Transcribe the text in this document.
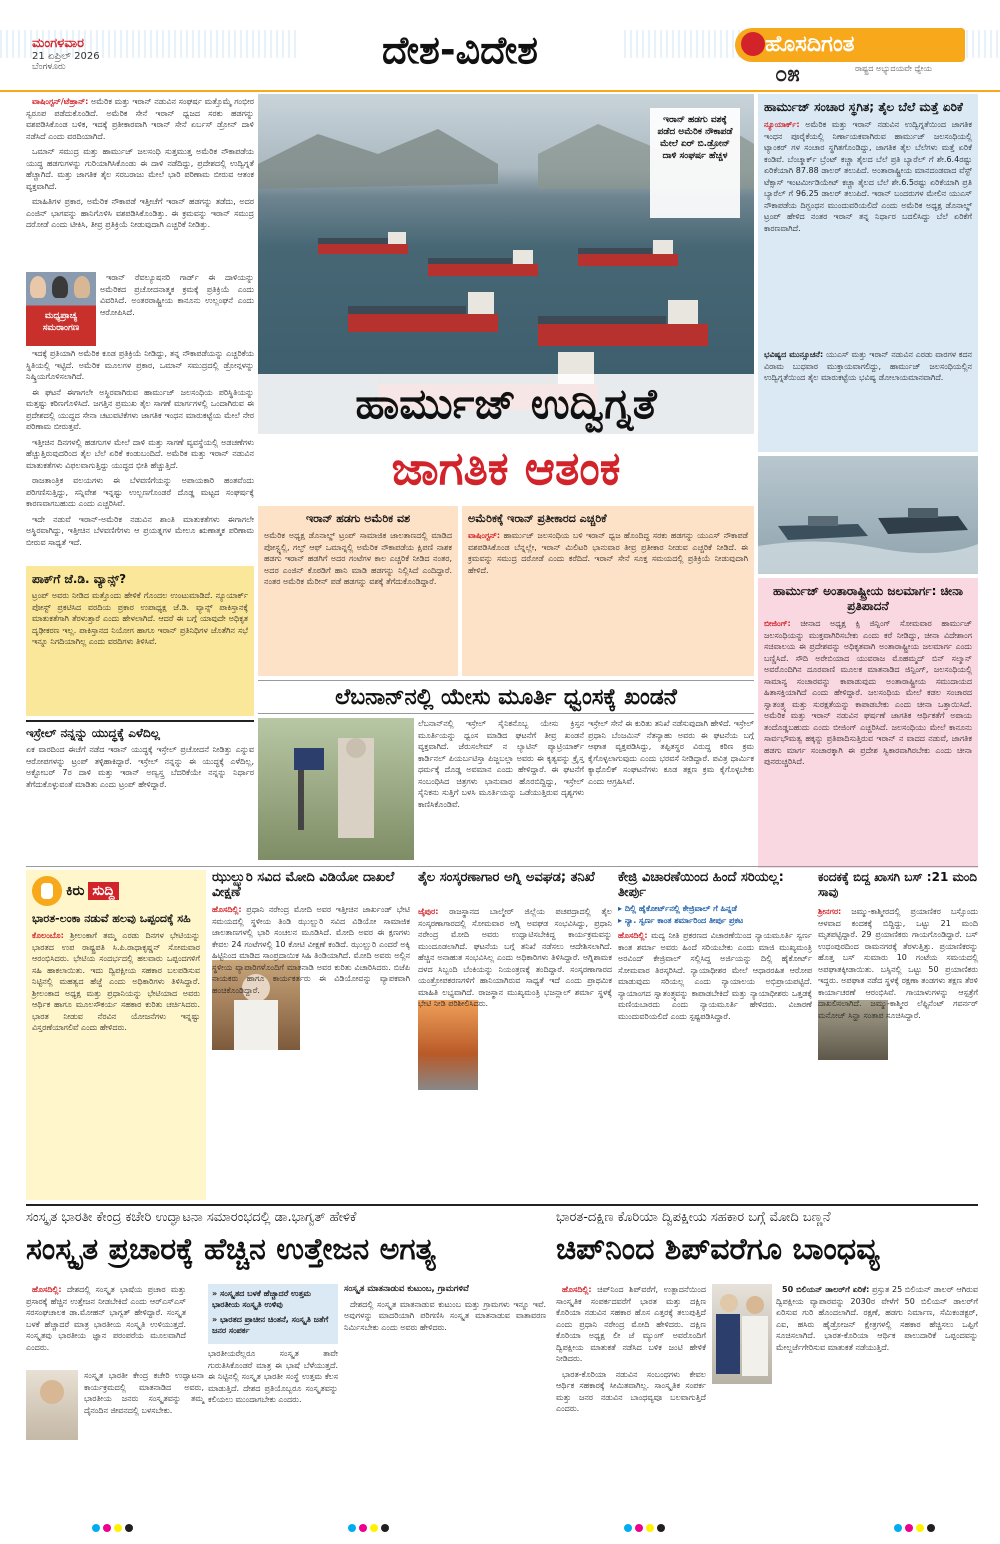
ಮಂಗಳವಾರ
21 ಏಪ್ರಿಲ್ 2026
ಬೆಂಗಳೂರು	ದೇಶ-ವಿದೇಶ	ಹೊಸದಿಗಂತ
೦೫	ರಾಷ್ಟ್ರದ ಅಭ್ಯುದಯವೇ ಧ್ಯೇಯ

ವಾಷಿಂಗ್ಟನ್/ಟೆಹ್ರಾನ್: ಅಮೆರಿಕ ಮತ್ತು ಇರಾನ್ ನಡುವಿನ ಸಂಘರ್ಷ ಮತ್ತೊಮ್ಮೆ ಗಂಭೀರ ಸ್ವರೂಪ ಪಡೆದುಕೊಂಡಿದೆ. ಅಮೆರಿಕ ಸೇನೆ ಇರಾನ್ ಧ್ವಜದ ಸರಕು ಹಡಗನ್ನು ವಶಪಡಿಸಿಕೊಂಡ ಬಳಿಕ, ಇದಕ್ಕೆ ಪ್ರತೀಕಾರವಾಗಿ ಇರಾನ್ ಸೇನೆ ಏರ್ಬಸ್ ಡ್ರೋನ್ ದಾಳಿ ನಡೆಸಿದೆ ಎಂದು ವರದಿಯಾಗಿದೆ.

ಒಮಾನ್ ಸಮುದ್ರ ಮತ್ತು ಹಾರ್ಮುಜ್ ಜಲಸಂಧಿ ಸುತ್ತಮುತ್ತ ಅಮೆರಿಕ ನೌಕಾಪಡೆಯ ಯುದ್ಧ ಹಡಗುಗಳನ್ನು ಗುರಿಯಾಗಿಸಿಕೊಂಡು ಈ ದಾಳಿ ನಡೆದಿದ್ದು, ಪ್ರದೇಶದಲ್ಲಿ ಉದ್ವಿಗ್ನತೆ ಹೆಚ್ಚಾಗಿದೆ. ಮತ್ತು ಜಾಗತಿಕ ತೈಲ ಸರಬರಾಜು ಮೇಲೆ ಭಾರಿ ಪರಿಣಾಮ ಬೀರುವ ಆತಂಕ ವ್ಯಕ್ತವಾಗಿದೆ.

ಮಾಹಿತಿಗಳ ಪ್ರಕಾರ, ಅಮೆರಿಕ ನೌಕಾಪಡೆ ಇತ್ತೀಚೆಗೆ ಇರಾನ್ ಹಡಗನ್ನು ತಡೆದು, ಅದರ ಎಂಜಿನ್ ಭಾಗವನ್ನು ಹಾನಿಗೊಳಿಸಿ ವಶಪಡಿಸಿಕೊಂಡಿತ್ತು. ಈ ಕ್ರಮವನ್ನು ಇರಾನ್ ಸಮುದ್ರ ದರೋಡೆ ಎಂದು ಟೀಕಿಸಿ, ತೀವ್ರ ಪ್ರತಿಕ್ರಿಯೆ ನೀಡುವುದಾಗಿ ಎಚ್ಚರಿಕೆ ನೀಡಿತ್ತು.

ಮಧ್ಯಪ್ರಾಚ್ಯ ಸಮರಾಂಗಣ

ಇರಾನ್ ರೆವಲ್ಯೂಷನರಿ ಗಾರ್ಡ್ ಈ ದಾಳಿಯನ್ನು ಅಮೆರಿಕದ ಪ್ರಚೋದನಾತ್ಮಕ ಕ್ರಮಕ್ಕೆ ಪ್ರತಿಕ್ರಿಯೆ ಎಂದು ವಿವರಿಸಿದೆ. ಅಂತರರಾಷ್ಟ್ರೀಯ ಕಾನೂನು ಉಲ್ಲಂಘನೆ ಎಂದು ಆರೋಪಿಸಿದೆ.

ಇದಕ್ಕೆ ಪ್ರತಿಯಾಗಿ ಅಮೆರಿಕ ಕೂಡ ಪ್ರತಿಕ್ರಿಯೆ ನೀಡಿದ್ದು, ತನ್ನ ನೌಕಾಪಡೆಯನ್ನು ಎಚ್ಚರಿಕೆಯ ಸ್ಥಿತಿಯಲ್ಲಿ ಇಟ್ಟಿದೆ. ಅಮೆರಿಕ ಮೂಲಗಳ ಪ್ರಕಾರ, ಒಮಾನ್ ಸಮುದ್ರದಲ್ಲಿ ಡ್ರೋನ್ಗಳನ್ನು ನಿಷ್ಕ್ರಿಯಗೊಳಿಸಲಾಗಿದೆ.

ಈ ಘಟನೆ ಈಗಾಗಲೇ ಅಸ್ಥಿರವಾಗಿರುವ ಹಾರ್ಮುಜ್ ಜಲಸಂಧಿಯ ಪರಿಸ್ಥಿತಿಯನ್ನು ಮತ್ತಷ್ಟು ಕಠಿಣಗೊಳಿಸಿದೆ. ಜಗತ್ತಿನ ಪ್ರಮುಖ ತೈಲ ಸಾಗಣೆ ಮಾರ್ಗಗಳಲ್ಲಿ ಒಂದಾಗಿರುವ ಈ ಪ್ರದೇಶದಲ್ಲಿ ಯುದ್ಧದ ಸೇನಾ ಚಟುವಟಿಕೆಗಳು ಜಾಗತಿಕ ಇಂಧನ ಮಾರುಕಟ್ಟೆಯ ಮೇಲೆ ನೇರ ಪರಿಣಾಮ ಬೀರುತ್ತವೆ.

ಇತ್ತೀಚಿನ ದಿನಗಳಲ್ಲಿ ಹಡಗುಗಳ ಮೇಲೆ ದಾಳಿ ಮತ್ತು ಸಾಗಣೆ ವ್ಯವಸ್ಥೆಯಲ್ಲಿ ಅಡಚಣೆಗಳು ಹೆಚ್ಚುತ್ತಿರುವುದರಿಂದ ತೈಲ ಬೆಲೆ ಏರಿಕೆ ಕಂಡುಬಂದಿದೆ. ಅಮೆರಿಕ ಮತ್ತು ಇರಾನ್ ನಡುವಿನ ಮಾತುಕತೆಗಳು ವಿಫಲವಾಗುತ್ತಿದ್ದು ಯುದ್ಧದ ಭೀತಿ ಹೆಚ್ಚುತ್ತಿದೆ.

ರಾಜತಾಂತ್ರಿಕ ವಲಯಗಳು ಈ ಬೆಳವಣಿಗೆಯನ್ನು ಅಪಾಯಕಾರಿ ಹಂತವೆಂದು ಪರಿಗಣಿಸುತ್ತಿದ್ದು, ಸನ್ನಿವೇಶ ಇನ್ನಷ್ಟು ಉಲ್ಬಣಗೊಂಡರೆ ದೊಡ್ಡ ಮಟ್ಟದ ಸಂಘರ್ಷಕ್ಕೆ ಕಾರಣವಾಗಬಹುದು ಎಂದು ಎಚ್ಚರಿಸಿವೆ.

ಇದೇ ನಡುವೆ ಇರಾನ್-ಅಮೆರಿಕ ನಡುವಿನ ಶಾಂತಿ ಮಾತುಕತೆಗಳು ಈಗಾಗಲೇ ಅಸ್ಥಿರವಾಗಿದ್ದು, ಇತ್ತೀಚಿನ ಬೆಳವಣಿಗೆಗಳು ಆ ಪ್ರಯತ್ನಗಳ ಮೇಲೂ ಋಣಾತ್ಮಕ ಪರಿಣಾಮ ಬೀರುವ ಸಾಧ್ಯತೆ ಇದೆ.

ಪಾಕ್‌ಗೆ ಜೆ.ಡಿ. ವ್ಯಾನ್ಸ್?
ಟ್ರಂಪ್ ಅವರು ನೀಡಿದ ಮತ್ತೊಂದು ಹೇಳಿಕೆ ಗೊಂದಲ ಉಂಟುಮಾಡಿದೆ. ನ್ಯೂಯಾರ್ಕ್ ಪೋಸ್ಟ್ ಪ್ರಕಟಿಸಿದ ವರದಿಯ ಪ್ರಕಾರ ಉಪಾಧ್ಯಕ್ಷ ಜೆ.ಡಿ. ವ್ಯಾನ್ಸ್ ಪಾಕಿಸ್ತಾನಕ್ಕೆ ಮಾತುಕತೆಗಾಗಿ ತೆರಳುತ್ತಾರೆ ಎಂದು ಹೇಳಲಾಗಿದೆ. ಆದರೆ ಈ ಬಗ್ಗೆ ಯಾವುದೇ ಅಧಿಕೃತ ದೃಢೀಕರಣ ಇಲ್ಲ. ಪಾಕಿಸ್ತಾನದ ನಿಯೋಗ ಹಾಗೂ ಇರಾನ್ ಪ್ರತಿನಿಧಿಗಳ ಜೊತೆಗಿನ ಸಭೆ ಇನ್ನೂ ನಿಗದಿಯಾಗಿಲ್ಲ ಎಂದು ವರದಿಗಳು ತಿಳಿಸಿವೆ.
ಇಸ್ರೇಲ್ ನನ್ನನ್ನು ಯುದ್ಧಕ್ಕೆ ಎಳೆದಿಲ್ಲ
ಏಕ ವಾರದಿಂದ ಈಚೆಗೆ ನಡೆದ ಇರಾನ್ ಯುದ್ಧಕ್ಕೆ ಇಸ್ರೇಲ್ ಪ್ರಚೋದನೆ ನೀಡಿತ್ತು ಎನ್ನುವ ಆರೋಪಗಳನ್ನು ಟ್ರಂಪ್ ತಳ್ಳಿಹಾಕಿದ್ದಾರೆ. ಇಸ್ರೇಲ್ ನನ್ನನ್ನು ಈ ಯುದ್ಧಕ್ಕೆ ಎಳೆದಿಲ್ಲ, ಅಕ್ಟೋಬರ್ 7ರ ದಾಳಿ ಮತ್ತು ಇರಾನ್ ಅಣ್ವಸ್ತ್ರ ಬೆದರಿಕೆಯೇ ನನ್ನನ್ನು ನಿರ್ಧಾರ ತೆಗೆದುಕೊಳ್ಳುವಂತೆ ಮಾಡಿತು ಎಂದು ಟ್ರಂಪ್ ಹೇಳಿದ್ದಾರೆ.
ಇರಾನ್ ಹಡಗು ವಶಕ್ಕೆ ಪಡೆದ ಅಮೆರಿಕ ನೌಕಾಪಡೆ ಮೇಲೆ ಏರ್ ಬಿ.ಡ್ರೋನ್ ದಾಳಿ ಸಂಘರ್ಷ ಹೆಚ್ಚಳ
ಹಾರ್ಮುಜ್ ಉದ್ವಿಗ್ನತೆ
ಜಾಗತಿಕ ಆತಂಕ
ಇರಾನ್ ಹಡಗು ಅಮೆರಿಕ ವಶ
ಅಮೆರಿಕ ಅಧ್ಯಕ್ಷ ಡೊನಾಲ್ಡ್ ಟ್ರಂಪ್ ಸಾಮಾಜಿಕ ಜಾಲತಾಣದಲ್ಲಿ ಮಾಡಿದ ಪೋಸ್ಟ್ನಲ್ಲಿ, ಗಲ್ಫ್ ಆಫ್ ಒಮಾನ್ನಲ್ಲಿ ಅಮೆರಿಕ ನೌಕಾಪಡೆಯ ಕ್ಷಿಪಣಿ ನಾಶಕ ಹಡಗು ಇರಾನ್ ಹಡಗಿಗೆ ಅದರ ಗಂಟೆಗಳ ಕಾಲ ಎಚ್ಚರಿಕೆ ನೀಡಿದ ನಂತರ, ಅದರ ಎಂಜಿನ್ ಕೊಠಡಿಗೆ ಹಾನಿ ಮಾಡಿ ಹಡಗನ್ನು ನಿಲ್ಲಿಸಿದೆ ಎಂದಿದ್ದಾರೆ. ನಂತರ ಅಮೆರಿಕ ಮೆರೀನ್ ಪಡೆ ಹಡಗನ್ನು ವಶಕ್ಕೆ ತೆಗೆದುಕೊಂಡಿದ್ದಾರೆ.
ಅಮೆರಿಕಕ್ಕೆ ಇರಾನ್ ಪ್ರತೀಕಾರದ ಎಚ್ಚರಿಕೆ
ವಾಷಿಂಗ್ಟನ್: ಹಾರ್ಮುಜ್ ಜಲಸಂಧಿಯ ಬಳಿ ಇರಾನ್ ಧ್ವಜ ಹೊಂದಿದ್ದ ಸರಕು ಹಡಗನ್ನು ಯುಎಸ್ ನೌಕಾಪಡೆ ವಶಪಡಿಸಿಕೊಂಡ ಬೆನ್ನಲ್ಲೇ, ಇರಾನ್ ಮಿಲಿಟರಿ ಭಾನುವಾರ ತೀವ್ರ ಪ್ರತೀಕಾರ ನೀಡುವ ಎಚ್ಚರಿಕೆ ನೀಡಿದೆ. ಈ ಕ್ರಮವನ್ನು ಸಮುದ್ರ ದರೋಡೆ ಎಂದು ಕರೆದಿದೆ. ಇರಾನ್ ಸೇನೆ ಸೂಕ್ತ ಸಮಯದಲ್ಲಿ ಪ್ರತಿಕ್ರಿಯೆ ನೀಡುವುದಾಗಿ ಹೇಳಿದೆ.
ಹಾರ್ಮುಜ್ ಸಂಚಾರ ಸ್ಥಗಿತ; ತೈಲ ಬೆಲೆ ಮತ್ತೆ ಏರಿಕೆ
ನ್ಯೂಯಾರ್ಕ್: ಅಮೆರಿಕ ಮತ್ತು ಇರಾನ್ ನಡುವಿನ ಉದ್ವಿಗ್ನತೆಯಿಂದ ಜಾಗತಿಕ ಇಂಧನ ಪೂರೈಕೆಯಲ್ಲಿ ನಿರ್ಣಾಯಕವಾಗಿರುವ ಹಾರ್ಮುಜ್ ಜಲಸಂಧಿಯಲ್ಲಿ ಟ್ಯಾಂಕರ್ ಗಳ ಸಂಚಾರ ಸ್ಥಗಿತಗೊಂಡಿದ್ದು, ಜಾಗತಿಕ ತೈಲ ಬೆಲೆಗಳು ಮತ್ತೆ ಏರಿಕೆ ಕಂಡಿವೆ. ಬೆಂಚ್ಮಾರ್ಕ್ ಬ್ರೆಂಟ್ ಕಚ್ಚಾ ತೈಲದ ಬೆಲೆ ಪ್ರತಿ ಬ್ಯಾರೆಲ್ ಗೆ ಶೇ.6.4ರಷ್ಟು ಏರಿಕೆಯಾಗಿ 87.88 ಡಾಲರ್ ತಲುಪಿದೆ. ಅಂತಾರಾಷ್ಟ್ರೀಯ ಮಾನದಂಡವಾದ ವೆಸ್ಟ್ ಟೆಕ್ಸಾಸ್ ಇಂಟರ್ಮೀಡಿಯೇಟ್ ಕಚ್ಚಾ ತೈಲದ ಬೆಲೆ ಶೇ.6.5ರಷ್ಟು ಏರಿಕೆಯಾಗಿ ಪ್ರತಿ ಬ್ಯಾರೆಲ್ ಗೆ 96.25 ಡಾಲರ್ ತಲುಪಿದೆ. ಇರಾನ್ ಬಂದರುಗಳ ಮೇಲಿನ ಯುಎಸ್ ನೌಕಾಪಡೆಯ ದಿಗ್ಬಂಧನ ಮುಂದುವರಿಯಲಿದೆ ಎಂದು ಅಮೆರಿಕ ಅಧ್ಯಕ್ಷ ಡೊನಾಲ್ಡ್ ಟ್ರಂಪ್ ಹೇಳಿದ ನಂತರ ಇರಾನ್ ತನ್ನ ನಿರ್ಧಾರ ಬದಲಿಸಿದ್ದು ಬೆಲೆ ಏರಿಕೆಗೆ ಕಾರಣವಾಗಿದೆ.
ಭವಿಷ್ಯದ ಮುನ್ಸೂಚನೆ: ಯುಎಸ್ ಮತ್ತು ಇರಾನ್ ನಡುವಿನ ಎರಡು ವಾರಗಳ ಕದನ ವಿರಾಮ ಬುಧವಾರ ಮುಕ್ತಾಯವಾಗಲಿದ್ದು, ಹಾರ್ಮುಜ್ ಜಲಸಂಧಿಯಲ್ಲಿನ ಉದ್ವಿಗ್ನತೆಯಿಂದ ತೈಲ ಮಾರುಕಟ್ಟೆಯ ಭವಿಷ್ಯ ಡೋಲಾಯಮಾನವಾಗಿದೆ.
ಹಾರ್ಮುಜ್ ಅಂತಾರಾಷ್ಟ್ರೀಯ ಜಲಮಾರ್ಗ: ಚೀನಾ ಪ್ರತಿಪಾದನೆ
ಬೀಜಿಂಗ್: ಚೀನಾದ ಅಧ್ಯಕ್ಷ ಕ್ಸಿ ಜಿನ್ಪಿಂಗ್ ಸೋಮವಾರ ಹಾರ್ಮುಜ್ ಜಲಸಂಧಿಯನ್ನು ಮುಕ್ತವಾಗಿರಿಸಬೇಕು ಎಂದು ಕರೆ ನೀಡಿದ್ದು, ಚೀನಾ ವಿದೇಶಾಂಗ ಸಚಿವಾಲಯ ಈ ಪ್ರದೇಶವನ್ನು ಅಧಿಕೃತವಾಗಿ ಅಂತಾರಾಷ್ಟ್ರೀಯ ಜಲಮಾರ್ಗ ಎಂದು ಬಣ್ಣಿಸಿದೆ. ಸೌದಿ ಅರೇಬಿಯಾದ ಯುವರಾಜ ಮೊಹಮ್ಮದ್ ಬಿನ್ ಸಲ್ಮಾನ್ ಅವರೊಂದಿಗಿನ ದೂರವಾಣಿ ಮೂಲಕ ಮಾತನಾಡಿದ ಜಿನ್ಪಿಂಗ್, ಜಲಸಂಧಿಯಲ್ಲಿ ಸಾಮಾನ್ಯ ಸಂಚಾರವನ್ನು ಕಾಪಾಡುವುದು ಅಂತಾರಾಷ್ಟ್ರೀಯ ಸಮುದಾಯದ ಹಿತಾಸಕ್ತಿಯಾಗಿದೆ ಎಂದು ಹೇಳಿದ್ದಾರೆ. ಜಲಸಂಧಿಯ ಮೇಲೆ ಕಡಲ ಸಂಚಾರದ ಸ್ವಾತಂತ್ರ್ಯ ಮತ್ತು ಸುರಕ್ಷತೆಯನ್ನು ಕಾಪಾಡಬೇಕು ಎಂದು ಚೀನಾ ಒತ್ತಾಯಿಸಿದೆ. ಅಮೆರಿಕ ಮತ್ತು ಇರಾನ್ ನಡುವಿನ ಘರ್ಷಣೆ ಜಾಗತಿಕ ಆರ್ಥಿಕತೆಗೆ ಅಪಾಯ ತಂದೊಡ್ಡಬಹುದು ಎಂದು ಬೀಜಿಂಗ್ ಎಚ್ಚರಿಸಿದೆ. ಜಲಸಂಧಿಯು ಮೇಲೆ ಕಾನೂನು ಸಾರ್ವಭೌಮತ್ವ ಹಕ್ಕನ್ನು ಪ್ರತಿಪಾದಿಸುತ್ತಿರುವ ಇರಾನ್ ನ ವಾದದ ನಡುವೆ, ಜಾಗತಿಕ ಹಡಗು ಮಾರ್ಗ ಸಂಚಾರಕ್ಕಾಗಿ ಈ ಪ್ರದೇಶ ಸ್ವಿಕಾರವಾಗಿರಬೇಕು ಎಂದು ಚೀನಾ ಪುನರುಚ್ಚರಿಸಿದೆ.
ಲೆಬನಾನ್‌ನಲ್ಲಿ ಯೇಸು ಮೂರ್ತಿ ಧ್ವಂಸಕ್ಕೆ ಖಂಡನೆ
ಲೆಬನಾನ್‌ನಲ್ಲಿ ಇಸ್ರೇಲ್ ಸೈನಿಕನೊಬ್ಬ ಯೇಸು ಕ್ರಿಸ್ತನ ಮೂರ್ತಿಯನ್ನು ಧ್ವಂಸ ಮಾಡಿದ ಘಟನೆಗೆ ತೀವ್ರ ಖಂಡನೆ ವ್ಯಕ್ತವಾಗಿದೆ. ಜೆರುಸಲೇಮ್ ನ ಲ್ಯಾಟಿನ್ ಪ್ಯಾಟ್ರಿಯಾರ್ಕ್ ಕಾರ್ಡಿನಲ್ ಪಿಯರ್ಬಟಿಸ್ತಾ ಪಿಜ್ಜಬಲ್ಲಾ ಅವರು ಈ ಕೃತ್ಯವನ್ನು ಕ್ರೈಸ್ತ ಧರ್ಮಕ್ಕೆ ದೊಡ್ಡ ಅವಮಾನ ಎಂದು ಹೇಳಿದ್ದಾರೆ. ಈ ಘಟನೆಗೆ ಸಂಬಂಧಿಸಿದ ಚಿತ್ರಗಳು ಭಾನುವಾರ ಹೊರಬಿದ್ದಿದ್ದು, ಇಸ್ರೇಲ್ ಸೈನಿಕನು ಸುತ್ತಿಗೆ ಬಳಸಿ ಮೂರ್ತಿಯನ್ನು ಒಡೆಯುತ್ತಿರುವ ದೃಶ್ಯಗಳು ಕಾಣಿಸಿಕೊಂಡಿವೆ.
ಇಸ್ರೇಲ್ ಸೇನೆ ಈ ಕುರಿತು ತನಿಖೆ ನಡೆಸುವುದಾಗಿ ಹೇಳಿದೆ. ಇಸ್ರೇಲ್ ಪ್ರಧಾನಿ ಬೆಂಜಮಿನ್ ನೆತನ್ಯಾಹು ಅವರು ಈ ಘಟನೆಯ ಬಗ್ಗೆ ಆಘಾತ ವ್ಯಕ್ತಪಡಿಸಿದ್ದು, ತಪ್ಪಿತಸ್ಥರ ವಿರುದ್ಧ ಕಠಿಣ ಕ್ರಮ ಕೈಗೊಳ್ಳಲಾಗುವುದು ಎಂದು ಭರವಸೆ ನೀಡಿದ್ದಾರೆ. ಪವಿತ್ರ ಧಾರ್ಮಿಕ ಕ್ಯಾಥೊಲಿಕ್ ಸಂಘಟನೆಗಳು ಕೂಡ ತಕ್ಷಣ ಕ್ರಮ ಕೈಗೊಳ್ಳಬೇಕು ಎಂದು ಆಗ್ರಹಿಸಿವೆ.
ಕಿರು ಸುದ್ದಿ
ಭಾರತ-ಲಂಕಾ ನಡುವೆ ಹಲವು ಒಪ್ಪಂದಕ್ಕೆ ಸಹಿ
ಕೊಲಂಬೊ: ಶ್ರೀಲಂಕಾಗೆ ತಮ್ಮ ಎರಡು ದಿನಗಳ ಭೇಟಿಯನ್ನು ಭಾರತದ ಉಪ ರಾಷ್ಟ್ರಪತಿ ಸಿ.ಪಿ.ರಾಧಾಕೃಷ್ಣನ್ ಸೋಮವಾರ ಆರಂಭಿಸಿದರು. ಭೇಟಿಯ ಸಂದರ್ಭದಲ್ಲಿ ಹಲವಾರು ಒಪ್ಪಂದಗಳಿಗೆ ಸಹಿ ಹಾಕಲಾಯಿತು. ಇದು ದ್ವಿಪಕ್ಷೀಯ ಸಹಕಾರ ಬಲಪಡಿಸುವ ನಿಟ್ಟಿನಲ್ಲಿ ಮಹತ್ವದ ಹೆಜ್ಜೆ ಎಂದು ಅಧಿಕಾರಿಗಳು ತಿಳಿಸಿದ್ದಾರೆ. ಶ್ರೀಲಂಕಾದ ಅಧ್ಯಕ್ಷ ಮತ್ತು ಪ್ರಧಾನಿಯನ್ನು ಭೇಟಿಯಾದ ಅವರು ಆರ್ಥಿಕ ಹಾಗೂ ಮೂಲಸೌಕರ್ಯ ಸಹಕಾರ ಕುರಿತು ಚರ್ಚಿಸಿದರು. ಭಾರತ ನೀಡುವ ನೆರವಿನ ಯೋಜನೆಗಳು ಇನ್ನಷ್ಟು ವಿಸ್ತರಣೆಯಾಗಲಿವೆ ಎಂದು ಹೇಳಿದರು.
ಝುಲ್ಝುರಿ ಸವಿದ ಮೋದಿ ವಿಡಿಯೋ ದಾಖಲೆ ವೀಕ್ಷಣೆ
ಹೊಸದಿಲ್ಲಿ: ಪ್ರಧಾನಿ ನರೇಂದ್ರ ಮೋದಿ ಅವರ ಇತ್ತೀಚಿನ ಜಾರ್ಖಂಡ್ ಭೇಟಿ ಸಮಯದಲ್ಲಿ ಸ್ಥಳೀಯ ತಿಂಡಿ ಝುಲ್ಝುರಿ ಸವಿದ ವಿಡಿಯೋ ಸಾಮಾಜಿಕ ಜಾಲತಾಣಗಳಲ್ಲಿ ಭಾರಿ ಸಂಚಲನ ಮೂಡಿಸಿದೆ. ಮೋದಿ ಅವರ ಈ ಕ್ಷಣಗಳು ಕೇವಲ 24 ಗಂಟೆಗಳಲ್ಲಿ 10 ಕೋಟಿ ವೀಕ್ಷಣೆ ಕಂಡಿದೆ. ಝುಲ್ಝುರಿ ಎಂದರೆ ಅಕ್ಕಿ ಹಿಟ್ಟಿನಿಂದ ಮಾಡಿದ ಸಾಂಪ್ರದಾಯಿಕ ಸಿಹಿ ತಿಂಡಿಯಾಗಿದೆ. ಮೋದಿ ಅವರು ಅಲ್ಲಿನ ಸ್ಥಳೀಯ ವ್ಯಾಪಾರಿಗಳೊಂದಿಗೆ ಮಾತನಾಡಿ ಅವರ ಕುರಿತು ವಿಚಾರಿಸಿದರು. ಬಿಜೆಪಿ ನಾಯಕರು ಹಾಗೂ ಕಾರ್ಯಕರ್ತರು ಈ ವಿಡಿಯೋವನ್ನು ವ್ಯಾಪಕವಾಗಿ ಹಂಚಿಕೊಂಡಿದ್ದಾರೆ.
ತೈಲ ಸಂಸ್ಕರಣಾಗಾರ ಅಗ್ನಿ ಅವಘಡ; ತನಿಖೆ
ಜೈಪುರ: ರಾಜಸ್ಥಾನದ ಬಾಲ್ಮೇರ್ ಜಿಲ್ಲೆಯ ಪಚಪದ್ರಾದಲ್ಲಿ ತೈಲ ಸಂಸ್ಕರಣಾಗಾರದಲ್ಲಿ ಸೋಮವಾರ ಅಗ್ನಿ ಅವಘಡ ಸಂಭವಿಸಿದ್ದು, ಪ್ರಧಾನಿ ನರೇಂದ್ರ ಮೋದಿ ಅವರು ಉದ್ಘಾಟಿಸಬೇಕಿದ್ದ ಕಾರ್ಯಕ್ರಮವನ್ನು ಮುಂದೂಡಲಾಗಿದೆ. ಘಟನೆಯ ಬಗ್ಗೆ ತನಿಖೆ ನಡೆಸಲು ಆದೇಶಿಸಲಾಗಿದೆ. ಹೆಚ್ಚಿನ ಅನಾಹುತ ಸಂಭವಿಸಿಲ್ಲ ಎಂದು ಅಧಿಕಾರಿಗಳು ತಿಳಿಸಿದ್ದಾರೆ. ಅಗ್ನಿಶಾಮಕ ದಳದ ಸಿಬ್ಬಂದಿ ಬೆಂಕಿಯನ್ನು ನಿಯಂತ್ರಣಕ್ಕೆ ತಂದಿದ್ದಾರೆ. ಸಂಸ್ಕರಣಾಗಾರದ ಯಂತ್ರೋಪಕರಣಗಳಿಗೆ ಹಾನಿಯಾಗಿರುವ ಸಾಧ್ಯತೆ ಇದೆ ಎಂದು ಪ್ರಾಥಮಿಕ ಮಾಹಿತಿ ಲಭ್ಯವಾಗಿದೆ. ರಾಜಸ್ಥಾನ ಮುಖ್ಯಮಂತ್ರಿ ಭಜನ್ಲಾಲ್ ಶರ್ಮಾ ಸ್ಥಳಕ್ಕೆ ಭೇಟಿ ನೀಡಿ ಪರಿಶೀಲಿಸಿದರು.
ಕೇಜ್ರಿ ವಿಚಾರಣೆಯಿಂದ ಹಿಂದೆ ಸರಿಯಲ್ಲ: ತೀರ್ಪು
▸ ದಿಲ್ಲಿ ಹೈಕೋರ್ಟ್‌ನಲ್ಲಿ ಕೇಜ್ರಿವಾಲ್ ಗೆ ಹಿನ್ನಡೆ
▸ ನ್ಯಾ. ಸ್ವರ್ಣ ಕಾಂತ ಶರ್ಮಾರಿಂದ ತೀರ್ಪು ಪ್ರಕಟ
ಹೊಸದಿಲ್ಲಿ: ಮದ್ಯ ನೀತಿ ಪ್ರಕರಣದ ವಿಚಾರಣೆಯಿಂದ ನ್ಯಾಯಮೂರ್ತಿ ಸ್ವರ್ಣ ಕಾಂತ ಶರ್ಮಾ ಅವರು ಹಿಂದೆ ಸರಿಯಬೇಕು ಎಂದು ಮಾಜಿ ಮುಖ್ಯಮಂತ್ರಿ ಅರವಿಂದ್ ಕೇಜ್ರಿವಾಲ್ ಸಲ್ಲಿಸಿದ್ದ ಅರ್ಜಿಯನ್ನು ದಿಲ್ಲಿ ಹೈಕೋರ್ಟ್ ಸೋಮವಾರ ತಿರಸ್ಕರಿಸಿದೆ. ನ್ಯಾಯಾಧೀಶರ ಮೇಲೆ ಆಧಾರರಹಿತ ಆರೋಪ ಮಾಡುವುದು ಸರಿಯಲ್ಲ ಎಂದು ನ್ಯಾಯಾಲಯ ಅಭಿಪ್ರಾಯಪಟ್ಟಿದೆ. ನ್ಯಾಯಾಂಗದ ಸ್ವಾತಂತ್ರ್ಯವನ್ನು ಕಾಪಾಡಬೇಕಿದೆ ಮತ್ತು ನ್ಯಾಯಾಧೀಶರು ಒತ್ತಡಕ್ಕೆ ಮಣಿಯಬಾರದು ಎಂದು ನ್ಯಾಯಮೂರ್ತಿ ಹೇಳಿದರು. ವಿಚಾರಣೆ ಮುಂದುವರಿಯಲಿದೆ ಎಂದು ಸ್ಪಷ್ಟಪಡಿಸಿದ್ದಾರೆ.
ಕಂದಕಕ್ಕೆ ಬಿದ್ದ ಖಾಸಗಿ ಬಸ್ :21 ಮಂದಿ ಸಾವು
ಶ್ರೀನಗರ: ಜಮ್ಮು-ಕಾಶ್ಮೀರದಲ್ಲಿ ಪ್ರಯಾಣಿಕರ ಬಸ್ಸೊಂದು ಆಳವಾದ ಕಂದಕಕ್ಕೆ ಬಿದ್ದಿದ್ದು, ಒಟ್ಟು 21 ಮಂದಿ ಮೃತಪಟ್ಟಿದ್ದಾರೆ. 29 ಪ್ರಯಾಣಿಕರು ಗಾಯಗೊಂಡಿದ್ದಾರೆ. ಬಸ್ ಉಧಂಪುರದಿಂದ ರಾಮನಗರಕ್ಕೆ ತೆರಳುತ್ತಿತ್ತು. ಪ್ರಯಾಣಿಕರನ್ನು ಹೊತ್ತ ಬಸ್ ಸುಮಾರು 10 ಗಂಟೆಯ ಸಮಯದಲ್ಲಿ ಅಪಘಾತಕ್ಕೀಡಾಯಿತು. ಬಸ್ಸಿನಲ್ಲಿ ಒಟ್ಟು 50 ಪ್ರಯಾಣಿಕರು ಇದ್ದರು. ಅಪಘಾತ ನಡೆದ ಸ್ಥಳಕ್ಕೆ ರಕ್ಷಣಾ ತಂಡಗಳು ತಕ್ಷಣ ತೆರಳಿ ಕಾರ್ಯಾಚರಣೆ ಆರಂಭಿಸಿವೆ. ಗಾಯಾಳುಗಳನ್ನು ಆಸ್ಪತ್ರೆಗೆ ದಾಖಲಿಸಲಾಗಿದೆ. ಜಮ್ಮು-ಕಾಶ್ಮೀರ ಲೆಫ್ಟಿನೆಂಟ್ ಗವರ್ನರ್ ಮನೋಜ್ ಸಿನ್ಹಾ ಸಂತಾಪ ಸೂಚಿಸಿದ್ದಾರೆ.
ಸಂಸ್ಕೃತ ಭಾರತೀ ಕೇಂದ್ರ ಕಚೇರಿ ಉದ್ಘಾಟನಾ ಸಮಾರಂಭದಲ್ಲಿ ಡಾ.ಭಾಗ್ವತ್ ಹೇಳಿಕೆ
ಸಂಸ್ಕೃತ ಪ್ರಚಾರಕ್ಕೆ ಹೆಚ್ಚಿನ ಉತ್ತೇಜನ ಅಗತ್ಯ

ಹೊಸದಿಲ್ಲಿ: ದೇಶದಲ್ಲಿ ಸಂಸ್ಕೃತ ಭಾಷೆಯ ಪ್ರಚಾರ ಮತ್ತು ಪ್ರಸಾರಕ್ಕೆ ಹೆಚ್ಚಿನ ಉತ್ತೇಜನ ನೀಡಬೇಕಿದೆ ಎಂದು ಆರ್‌ಎಸ್‌ಎಸ್ ಸರಸಂಘಚಾಲಕ ಡಾ.ಮೋಹನ್ ಭಾಗ್ವತ್ ಹೇಳಿದ್ದಾರೆ. ಸಂಸ್ಕೃತ ಬಳಕೆ ಹೆಚ್ಚಾದರೆ ಮಾತ್ರ ಭಾರತೀಯ ಸಂಸ್ಕೃತಿ ಉಳಿಯುತ್ತದೆ. ಸಂಸ್ಕೃತವು ಭಾರತೀಯ ಜ್ಞಾನ ಪರಂಪರೆಯ ಮೂಲವಾಗಿದೆ ಎಂದರು.

ಸಂಸ್ಕೃತ ಭಾರತೀ ಕೇಂದ್ರ ಕಚೇರಿ ಉದ್ಘಾಟನಾ ಕಾರ್ಯಕ್ರಮದಲ್ಲಿ ಮಾತನಾಡಿದ ಅವರು, ಭಾರತೀಯ ಜನರು ಸಂಸ್ಕೃತವನ್ನು ತಮ್ಮ ದೈನಂದಿನ ಜೀವನದಲ್ಲಿ ಬಳಸಬೇಕು.
» ಸಂಸ್ಕೃತದ ಬಳಕೆ ಹೆಚ್ಚಾದರೆ ಉತ್ತಮ ಭಾರತೀಯ ಸಂಸ್ಕೃತಿ ಉಳಿವು
» ಭಾರತದ ಪ್ರಾಚೀನ ಚಿಂತನೆ, ಸಂಸ್ಕೃತಿ ಜತೆಗೆ ಜನರ ಸಂಪರ್ಕ
ಭಾರತೀಯರೆಲ್ಲರೂ ಸಂಸ್ಕೃತ ತಾವೇ ಗುರುತಿಸಿಕೊಂಡರೆ ಮಾತ್ರ ಈ ಭಾಷೆ ಬೆಳೆಯುತ್ತದೆ. ಈ ನಿಟ್ಟಿನಲ್ಲಿ ಸಂಸ್ಕೃತ ಭಾರತೀ ಸಂಸ್ಥೆ ಉತ್ತಮ ಕೆಲಸ ಮಾಡುತ್ತಿದೆ. ದೇಶದ ಪ್ರತಿಯೊಬ್ಬರೂ ಸಂಸ್ಕೃತವನ್ನು ಕಲಿಯಲು ಮುಂದಾಗಬೇಕು ಎಂದರು.
ಸಂಸ್ಕೃತ ಮಾತನಾಡುವ ಕುಟುಂಬ, ಗ್ರಾಮಗಳಿವೆ

ದೇಶದಲ್ಲಿ ಸಂಸ್ಕೃತ ಮಾತನಾಡುವ ಕುಟುಂಬ ಮತ್ತು ಗ್ರಾಮಗಳು ಇನ್ನೂ ಇವೆ. ಅವುಗಳನ್ನು ಮಾದರಿಯಾಗಿ ಪರಿಗಣಿಸಿ ಸಂಸ್ಕೃತ ಮಾತನಾಡುವ ವಾತಾವರಣ ನಿರ್ಮಿಸಬೇಕು ಎಂದು ಅವರು ಹೇಳಿದರು.

ಭಾರತ-ದಕ್ಷಿಣ ಕೊರಿಯಾ ದ್ವಿಪಕ್ಷೀಯ ಸಹಕಾರ ಬಗ್ಗೆ ಮೋದಿ ಬಣ್ಣನೆ
ಚಿಪ್‌ನಿಂದ ಶಿಪ್‌ವರೆಗೂ ಬಾಂಧವ್ಯ

ಹೊಸದಿಲ್ಲಿ: ಚಿಪ್‌ನಿಂದ ಶಿಪ್‌ವರೆಗೆ, ಉತ್ಪಾದನೆಯಿಂದ ಸಾಂಸ್ಕೃತಿಕ ಸಂಪರ್ಕದವರೆಗೆ ಭಾರತ ಮತ್ತು ದಕ್ಷಿಣ ಕೊರಿಯಾ ನಡುವಿನ ಸಹಕಾರ ಹೊಸ ಎತ್ತರಕ್ಕೆ ತಲುಪುತ್ತಿದೆ ಎಂದು ಪ್ರಧಾನಿ ನರೇಂದ್ರ ಮೋದಿ ಹೇಳಿದರು. ದಕ್ಷಿಣ ಕೊರಿಯಾ ಅಧ್ಯಕ್ಷ ಲೀ ಜೆ ಮ್ಯುಂಗ್ ಅವರೊಂದಿಗೆ ದ್ವಿಪಕ್ಷೀಯ ಮಾತುಕತೆ ನಡೆಸಿದ ಬಳಿಕ ಜಂಟಿ ಹೇಳಿಕೆ ನೀಡಿದರು.

ಭಾರತ-ಕೊರಿಯಾ ನಡುವಿನ ಸಂಬಂಧಗಳು ಕೇವಲ ಆರ್ಥಿಕ ಸಹಕಾರಕ್ಕೆ ಸೀಮಿತವಾಗಿಲ್ಲ. ಸಾಂಸ್ಕೃತಿಕ ಸಂಪರ್ಕ ಮತ್ತು ಜನರ ನಡುವಿನ ಬಾಂಧವ್ಯವೂ ಬಲವಾಗುತ್ತಿದೆ ಎಂದರು.

50 ಬಿಲಿಯನ್ ಡಾಲರ್‌ಗೆ ಏರಿಕೆ: ಪ್ರಸ್ತುತ 25 ಬಿಲಿಯನ್ ಡಾಲರ್ ಆಗಿರುವ ದ್ವಿಪಕ್ಷೀಯ ವ್ಯಾಪಾರವನ್ನು 2030ರ ವೇಳೆಗೆ 50 ಬಿಲಿಯನ್ ಡಾಲರ್‌ಗೆ ಏರಿಸುವ ಗುರಿ ಹೊಂದಲಾಗಿದೆ. ರಕ್ಷಣೆ, ಹಡಗು ನಿರ್ಮಾಣ, ಸೆಮಿಕಂಡಕ್ಟರ್, ಎಐ, ಹಸಿರು ಹೈಡ್ರೋಜನ್ ಕ್ಷೇತ್ರಗಳಲ್ಲಿ ಸಹಕಾರ ಹೆಚ್ಚಿಸಲು ಒಪ್ಪಿಗೆ ಸೂಚಿಸಲಾಗಿದೆ. ಭಾರತ-ಕೊರಿಯಾ ಆರ್ಥಿಕ ಪಾಲುದಾರಿಕೆ ಒಪ್ಪಂದವನ್ನು ಮೇಲ್ದರ್ಜೆಗೇರಿಸುವ ಮಾತುಕತೆ ನಡೆಯುತ್ತಿದೆ.
